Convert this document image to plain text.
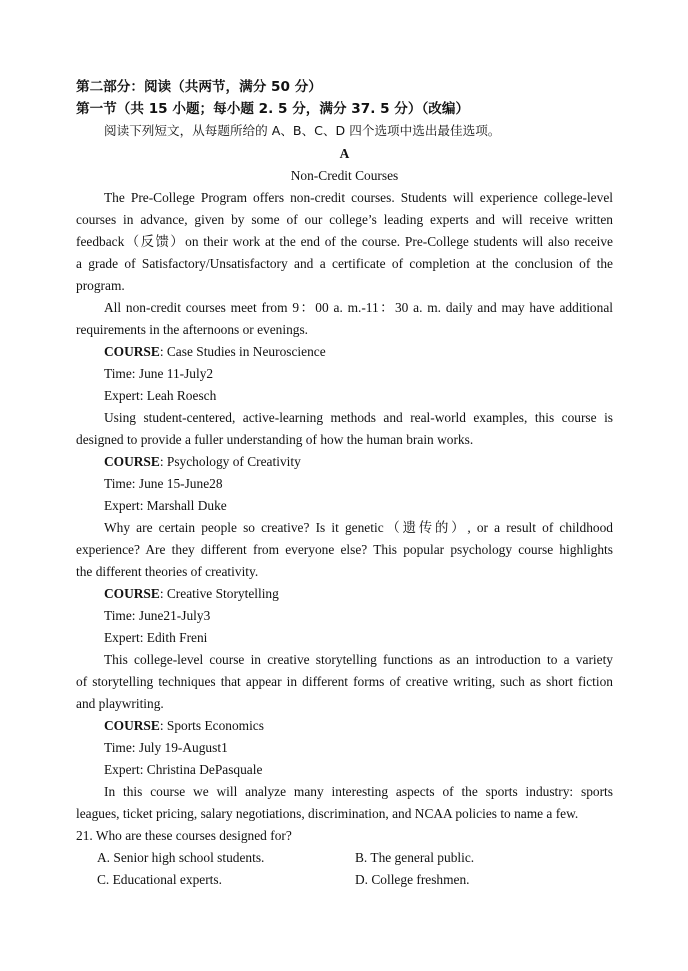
第二部分：阅读（共两节，满分 50 分）
第一节（共 15 小题；每小题 2. 5 分，满分 37. 5 分）（改编）
阅读下列短文，从每题所给的 A、B、C、D 四个选项中选出最佳选项。
A
Non-Credit Courses
The Pre-College Program offers non-credit courses. Students will experience college-level
courses in advance, given by some of our college’s leading experts and will receive written
feedback（反馈）on their work at the end of the course. Pre-College students will also receive
a grade of Satisfactory/Unsatisfactory and a certificate of completion at the conclusion of the
program.
All non-credit courses meet from 9：00 a. m.-11：30 a. m. daily and may have additional
requirements in the afternoons or evenings.
COURSE: Case Studies in Neuroscience
Time: June 11-July2
Expert: Leah Roesch
Using student-centered, active-learning methods and real-world examples, this course is
designed to provide a fuller understanding of how the human brain works.
COURSE: Psychology of Creativity
Time: June 15-June28
Expert: Marshall Duke
Why are certain people so creative? Is it genetic（遗传的）, or a result of childhood
experience? Are they different from everyone else? This popular psychology course highlights
the different theories of creativity.
COURSE: Creative Storytelling
Time: June21-July3
Expert: Edith Freni
This college-level course in creative storytelling functions as an introduction to a variety
of storytelling techniques that appear in different forms of creative writing, such as short fiction
and playwriting.
COURSE: Sports Economics
Time: July 19-August1
Expert: Christina DePasquale
In this course we will analyze many interesting aspects of the sports industry: sports
leagues, ticket pricing, salary negotiations, discrimination, and NCAA policies to name a few.
21. Who are these courses designed for?
A. Senior high school students.	B. The general public.
C. Educational experts.	D. College freshmen.
